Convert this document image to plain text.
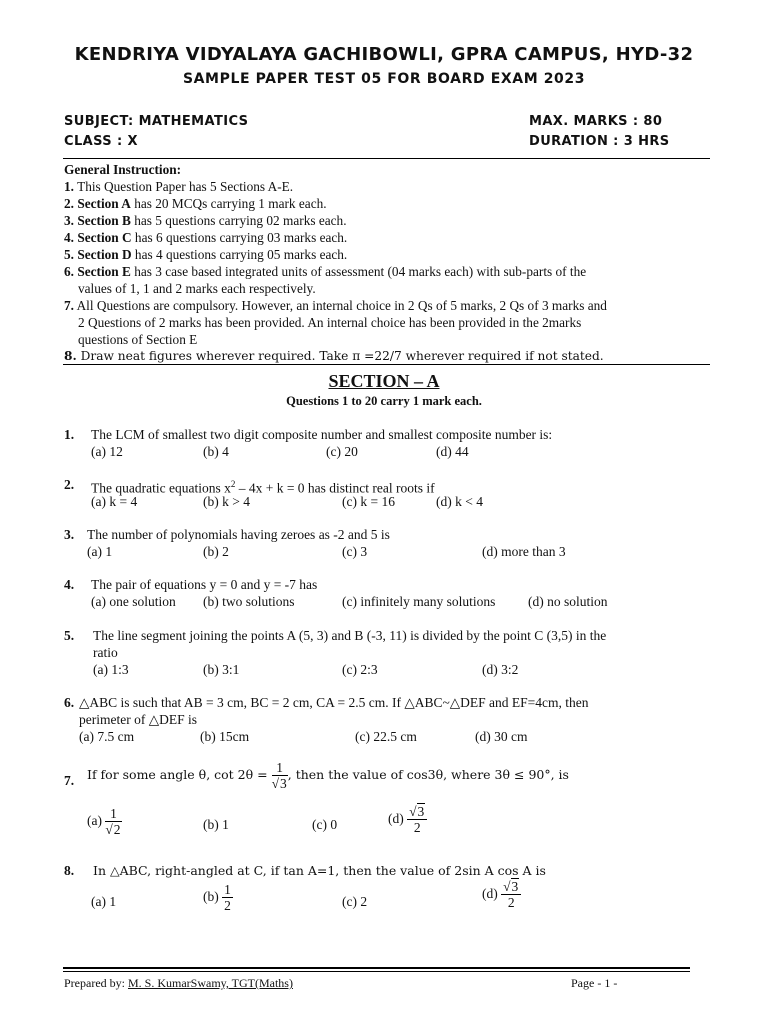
KENDRIYA VIDYALAYA GACHIBOWLI, GPRA CAMPUS, HYD-32
SAMPLE PAPER TEST 05 FOR BOARD EXAM 2023
SUBJECT: MATHEMATICS
CLASS : X
MAX. MARKS : 80
DURATION : 3 HRS
General Instruction:
1. This Question Paper has 5 Sections A-E.
2. Section A has 20 MCQs carrying 1 mark each.
3. Section B has 5 questions carrying 02 marks each.
4. Section C has 6 questions carrying 03 marks each.
5. Section D has 4 questions carrying 05 marks each.
6. Section E has 3 case based integrated units of assessment (04 marks each) with sub-parts of the
values of 1, 1 and 2 marks each respectively.
7. All Questions are compulsory. However, an internal choice in 2 Qs of 5 marks, 2 Qs of 3 marks and
2 Questions of 2 marks has been provided. An internal choice has been provided in the 2marks
questions of Section E
8. Draw neat figures wherever required. Take π =22/7 wherever required if not stated.
SECTION – A
Questions 1 to 20 carry 1 mark each.
1. The LCM of smallest two digit composite number and smallest composite number is:
(a) 12	(b) 4	(c) 20	(d) 44
2. The quadratic equations $x^2 - 4x + k = 0$ has distinct real roots if
(a) k = 4	(b) k > 4	(c) k = 16	(d) k < 4
3. The number of polynomials having zeroes as -2 and 5 is
(a) 1	(b) 2	(c) 3	(d) more than 3
4. The pair of equations y = 0 and y = -7 has
(a) one solution (b) two solutions	(c) infinitely many solutions (d) no solution
5. The line segment joining the points A (5, 3) and B (-3, 11) is divided by the point C (3,5) in the
ratio
(a) 1:3	(b) 3:1	(c) 2:3	(d) 3:2
6. △ABC is such that AB = 3 cm, BC = 2 cm, CA = 2.5 cm. If △ABC~△DEF and EF=4cm, then
perimeter of △DEF is
(a) 7.5 cm	(b) 15cm	(c) 22.5 cm	(d) 30 cm
7. If for some angle θ, $\cot 2\theta = \frac{1}{√3}$ , then the value of cos3θ, where 3θ ≤ 90°, is
$(a) \frac{1}{√2}$	(b) 1	(c) 0	$(d) \frac{√3}{2}$
8. In △ABC, right-angled at C, if tan A=1, then the value of 2sin A cos A is
(a) 1	$(b) \frac{1}{2}$	(c) 2
$(d) \frac{√3}{2}$
Prepared by: M. S. KumarSwamy, TGT(Maths)	Page - 1 -
